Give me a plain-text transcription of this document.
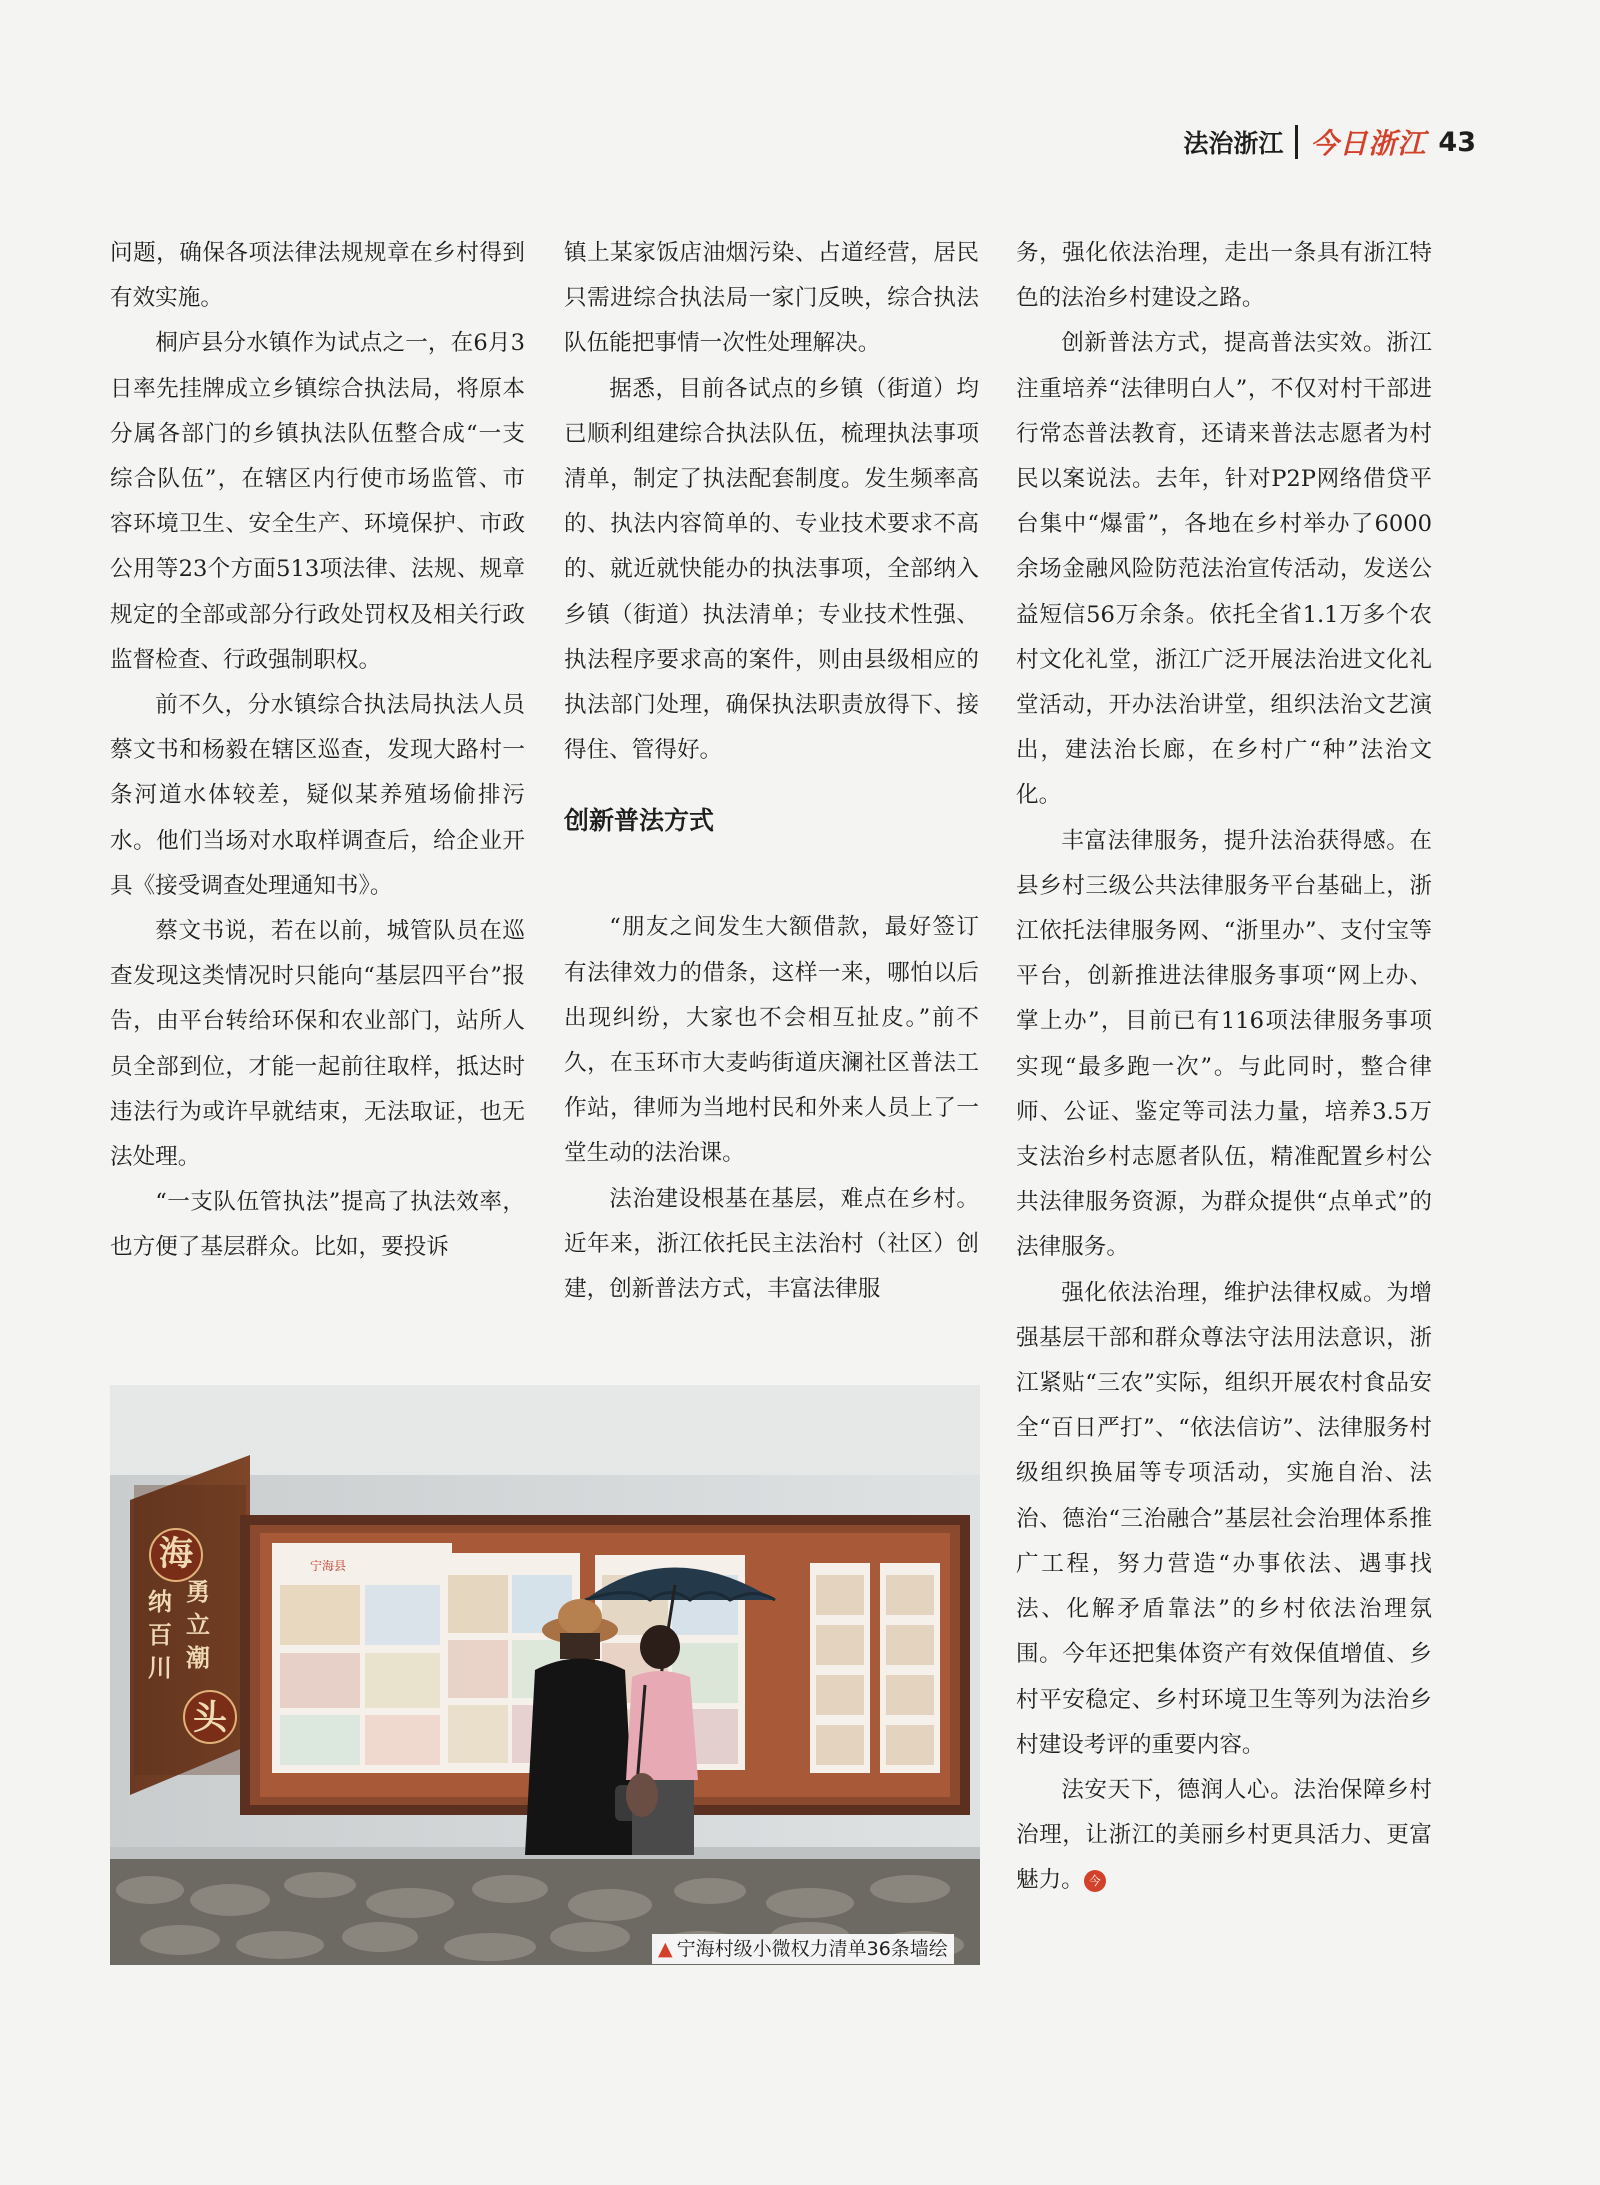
法治浙江 今日浙江 43

问题，确保各项法律法规规章在乡村得到有效实施。

桐庐县分水镇作为试点之一，在6月3日率先挂牌成立乡镇综合执法局，将原本分属各部门的乡镇执法队伍整合成“一支综合队伍”，在辖区内行使市场监管、市容环境卫生、安全生产、环境保护、市政公用等23个方面513项法律、法规、规章规定的全部或部分行政处罚权及相关行政监督检查、行政强制职权。

前不久，分水镇综合执法局执法人员蔡文书和杨毅在辖区巡查，发现大路村一条河道水体较差，疑似某养殖场偷排污水。他们当场对水取样调查后，给企业开具《接受调查处理通知书》。

蔡文书说，若在以前，城管队员在巡查发现这类情况时只能向“基层四平台”报告，由平台转给环保和农业部门，站所人员全部到位，才能一起前往取样，抵达时违法行为或许早就结束，无法取证，也无法处理。

“一支队伍管执法”提高了执法效率，也方便了基层群众。比如，要投诉

镇上某家饭店油烟污染、占道经营，居民只需进综合执法局一家门反映，综合执法队伍能把事情一次性处理解决。

据悉，目前各试点的乡镇（街道）均已顺利组建综合执法队伍，梳理执法事项清单，制定了执法配套制度。发生频率高的、执法内容简单的、专业技术要求不高的、就近就快能办的执法事项，全部纳入乡镇（街道）执法清单；专业技术性强、执法程序要求高的案件，则由县级相应的执法部门处理，确保执法职责放得下、接得住、管得好。

创新普法方式

“朋友之间发生大额借款，最好签订有法律效力的借条，这样一来，哪怕以后出现纠纷，大家也不会相互扯皮。”前不久，在玉环市大麦屿街道庆澜社区普法工作站，律师为当地村民和外来人员上了一堂生动的法治课。

法治建设根基在基层，难点在乡村。近年来，浙江依托民主法治村（社区）创建，创新普法方式，丰富法律服

务，强化依法治理，走出一条具有浙江特色的法治乡村建设之路。

创新普法方式，提高普法实效。浙江注重培养“法律明白人”，不仅对村干部进行常态普法教育，还请来普法志愿者为村民以案说法。去年，针对P2P网络借贷平台集中“爆雷”，各地在乡村举办了6000余场金融风险防范法治宣传活动，发送公益短信56万余条。依托全省1.1万多个农村文化礼堂，浙江广泛开展法治进文化礼堂活动，开办法治讲堂，组织法治文艺演出，建法治长廊，在乡村广“种”法治文化。

丰富法律服务，提升法治获得感。在县乡村三级公共法律服务平台基础上，浙江依托法律服务网、“浙里办”、支付宝等平台，创新推进法律服务事项“网上办、掌上办”，目前已有116项法律服务事项实现“最多跑一次”。与此同时，整合律师、公证、鉴定等司法力量，培养3.5万支法治乡村志愿者队伍，精准配置乡村公共法律服务资源，为群众提供“点单式”的法律服务。

强化依法治理，维护法律权威。为增强基层干部和群众尊法守法用法意识，浙江紧贴“三农”实际，组织开展农村食品安全“百日严打”、“依法信访”、法律服务村级组织换届等专项活动，实施自治、法治、德治“三治融合”基层社会治理体系推广工程，努力营造“办事依法、遇事找法、化解矛盾靠法”的乡村依法治理氛围。今年还把集体资产有效保值增值、乡村平安稳定、乡村环境卫生等列为法治乡村建设考评的重要内容。

法安天下，德润人心。法治保障乡村治理，让浙江的美丽乡村更具活力、更富魅力。 今

海
纳
百
川
勇
立
潮
头
宁海县
▲ 宁海村级小微权力清单36条墙绘
